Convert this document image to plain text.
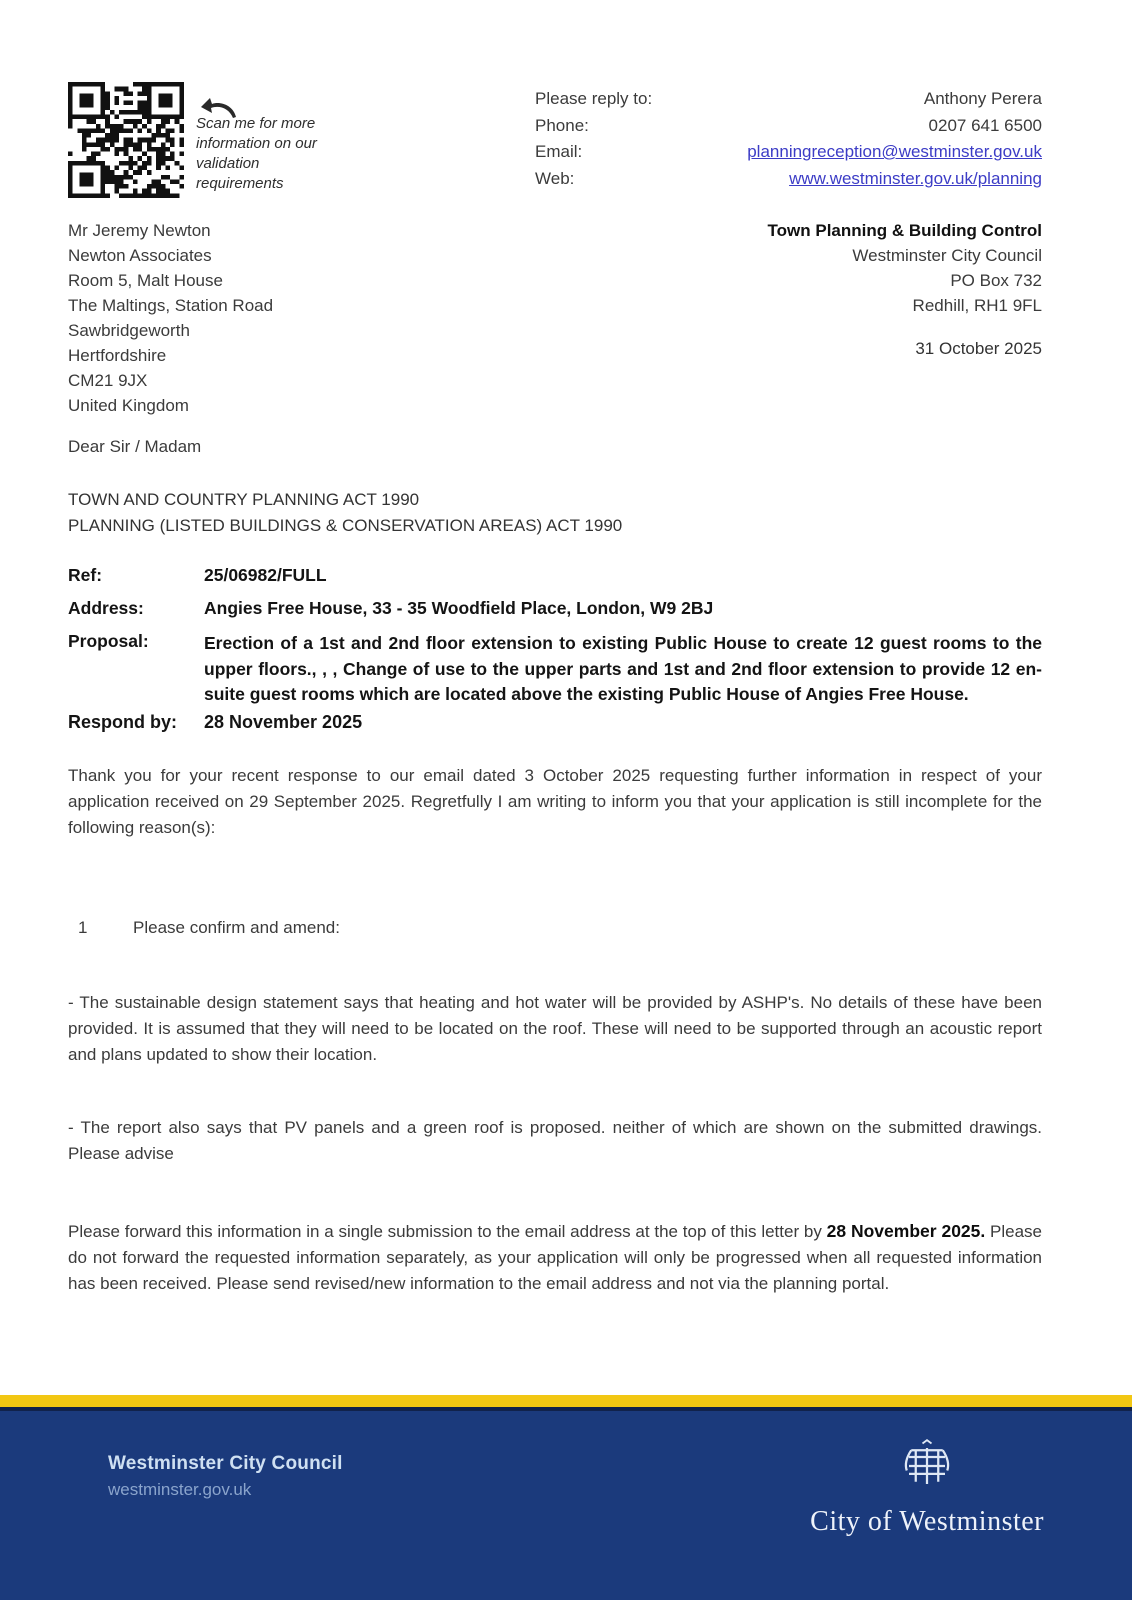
Scan me for more information on our validation requirements
Please reply to:	Anthony Perera
Phone:	0207 641 6500
Email:	planningreception@westminster.gov.uk
Web:	www.westminster.gov.uk/planning
Mr Jeremy Newton
Newton Associates
Room 5, Malt House
The Maltings, Station Road
Sawbridgeworth
Hertfordshire
CM21 9JX
United Kingdom
Town Planning & Building Control
Westminster City Council
PO Box 732
Redhill, RH1 9FL
31 October 2025
Dear Sir / Madam
TOWN AND COUNTRY PLANNING ACT 1990
PLANNING (LISTED BUILDINGS & CONSERVATION AREAS) ACT 1990
Ref:	25/06982/FULL
Address:	Angies Free House, 33 - 35 Woodfield Place, London, W9 2BJ
Proposal:	Erection of a 1st and 2nd floor extension to existing Public House to create 12 guest rooms to the upper floors., , , Change of use to the upper parts and 1st and 2nd floor extension to provide 12 en-suite guest rooms which are located above the existing Public House of Angies Free House.
Respond by:	28 November 2025
Thank you for your recent response to our email dated 3 October 2025 requesting further information in respect of your application received on 29 September 2025. Regretfully I am writing to inform you that your application is still incomplete for the following reason(s):
1	Please confirm and amend:
- The sustainable design statement says that heating and hot water will be provided by ASHP's. No details of these have been provided. It is assumed that they will need to be located on the roof. These will need to be supported through an acoustic report and plans updated to show their location.
- The report also says that PV panels and a green roof is proposed. neither of which are shown on the submitted drawings. Please advise
Please forward this information in a single submission to the email address at the top of this letter by 28 November 2025. Please do not forward the requested information separately, as your application will only be progressed when all requested information has been received. Please send revised/new information to the email address and not via the planning portal.
Westminster City Council
westminster.gov.uk
City of Westminster
